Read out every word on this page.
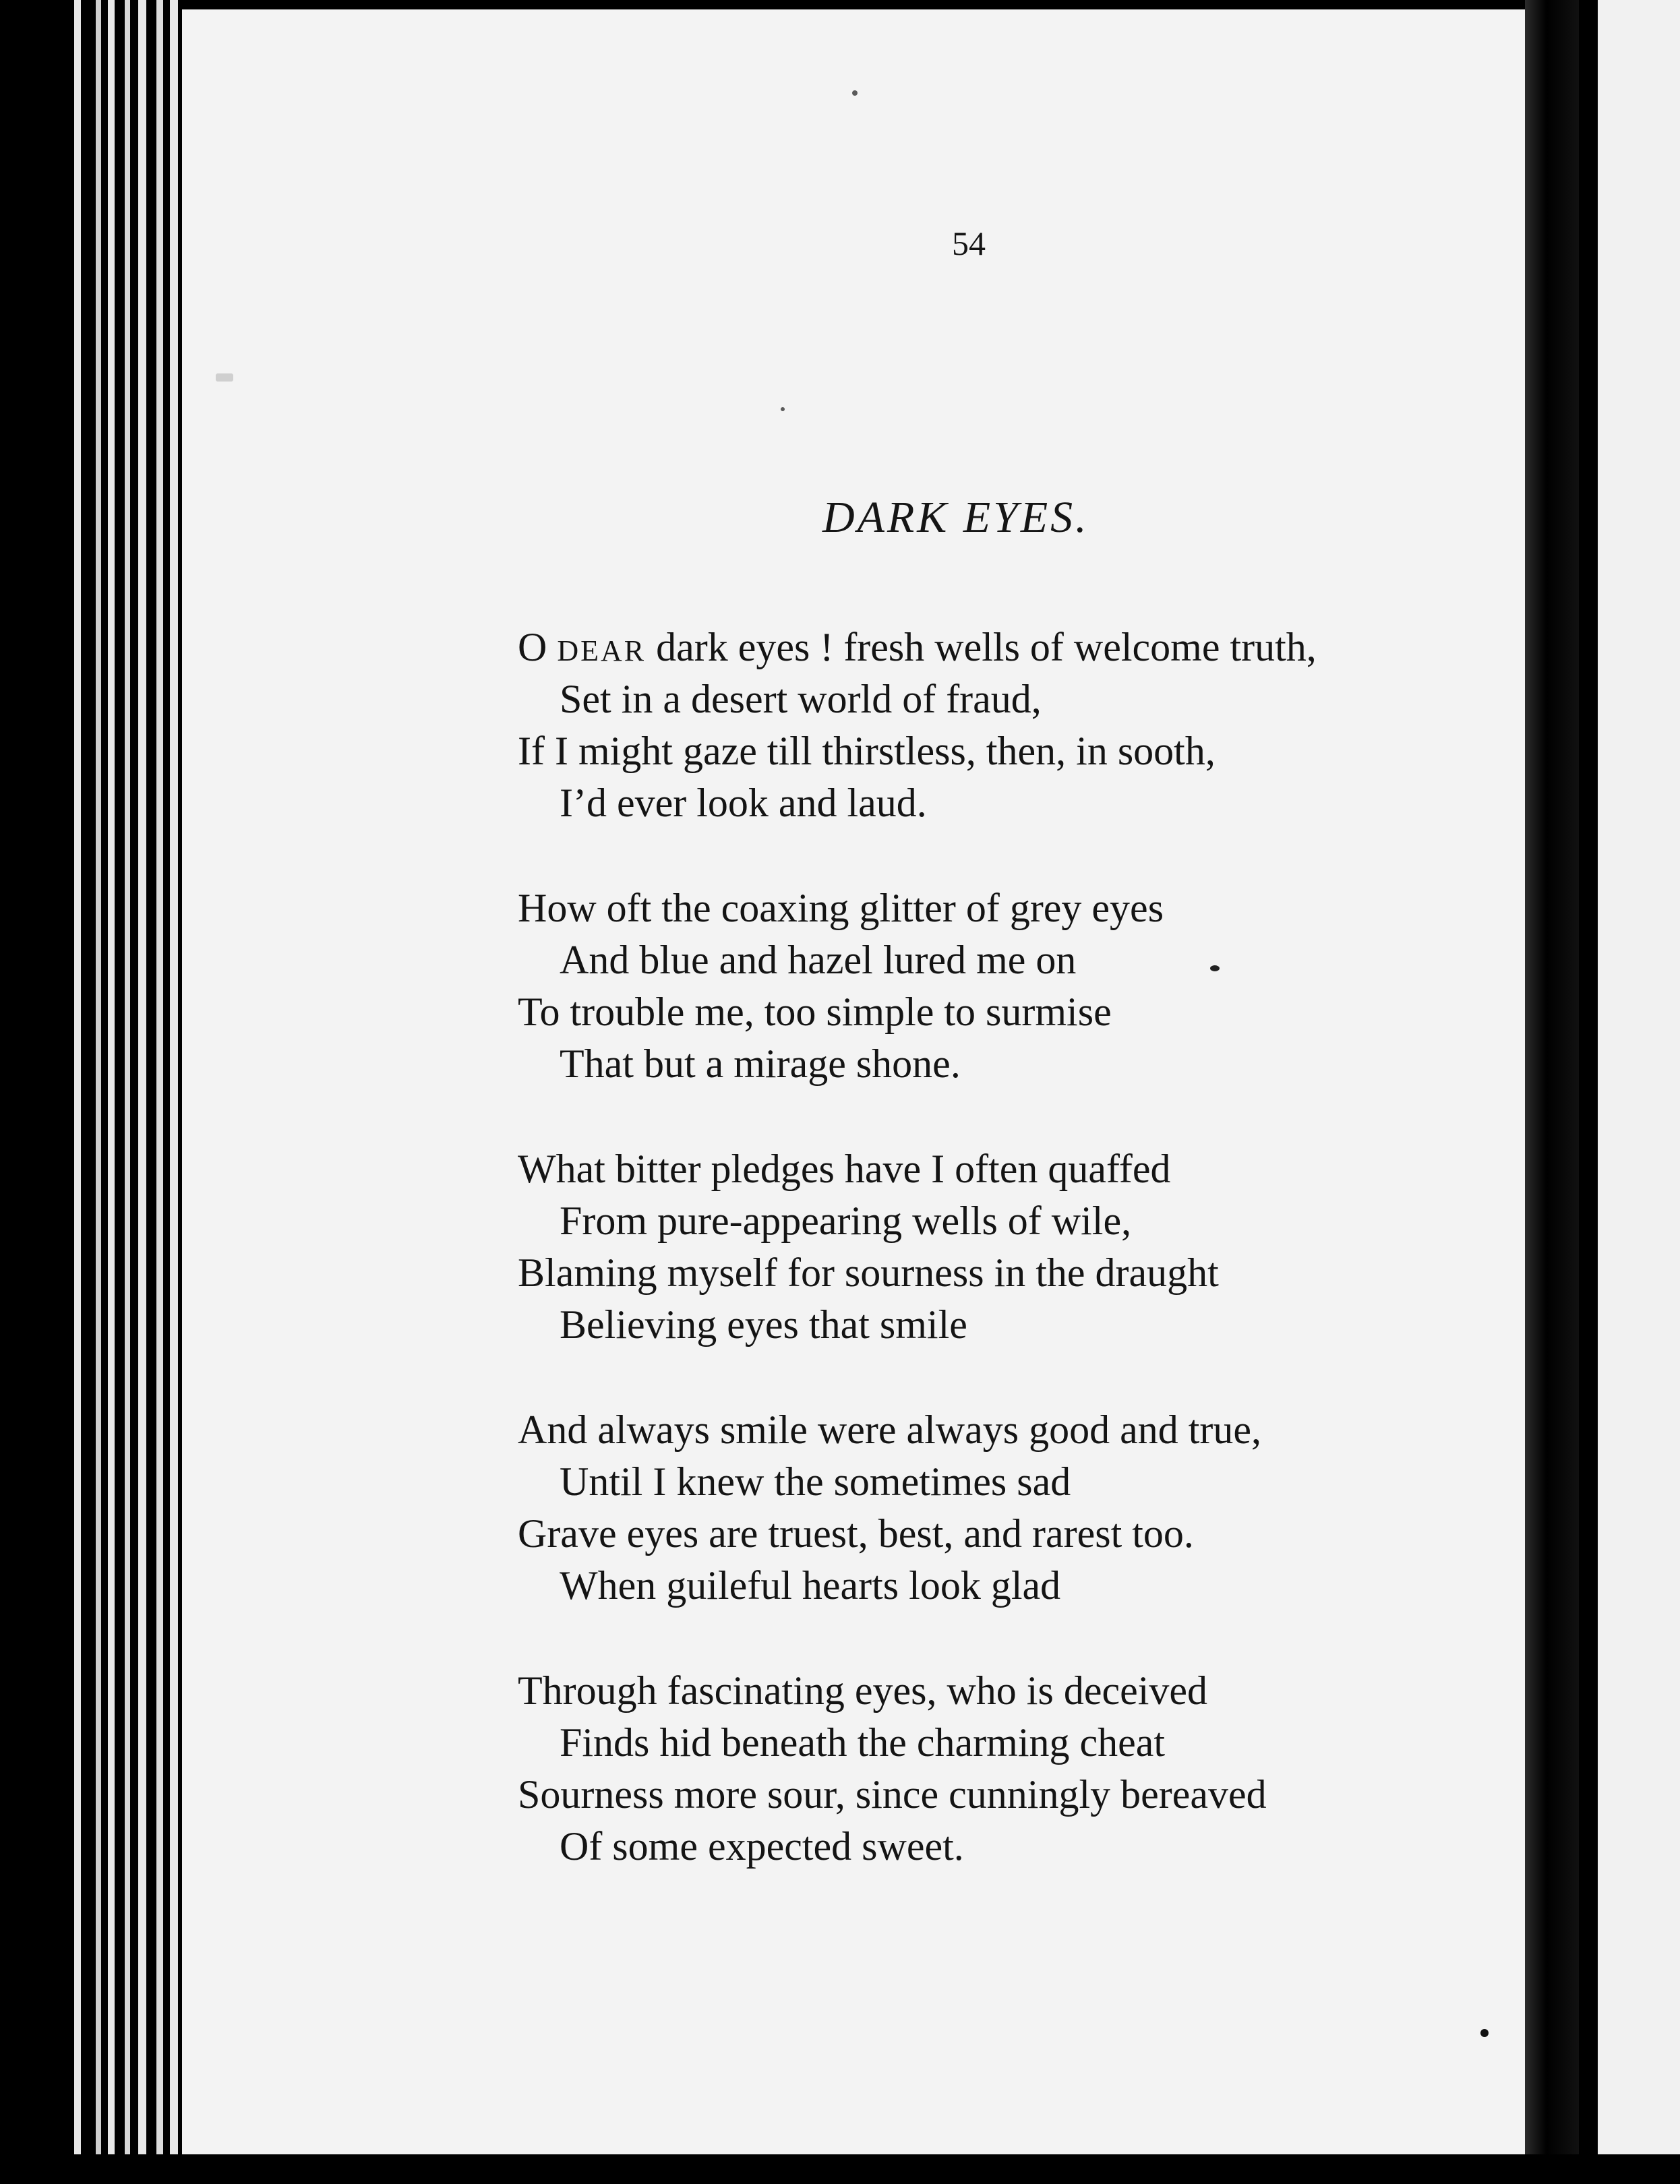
54
DARK EYES.
O DEAR dark eyes ! fresh wells of welcome truth,
Set in a desert world of fraud,
If I might gaze till thirstless, then, in sooth,
I’d ever look and laud.
How oft the coaxing glitter of grey eyes
And blue and hazel lured me on
To trouble me, too simple to surmise
That but a mirage shone.
What bitter pledges have I often quaffed
From pure-appearing wells of wile,
Blaming myself for sourness in the draught
Believing eyes that smile
And always smile were always good and true,
Until I knew the sometimes sad
Grave eyes are truest, best, and rarest too.
When guileful hearts look glad
Through fascinating eyes, who is deceived
Finds hid beneath the charming cheat
Sourness more sour, since cunningly bereaved
Of some expected sweet.
